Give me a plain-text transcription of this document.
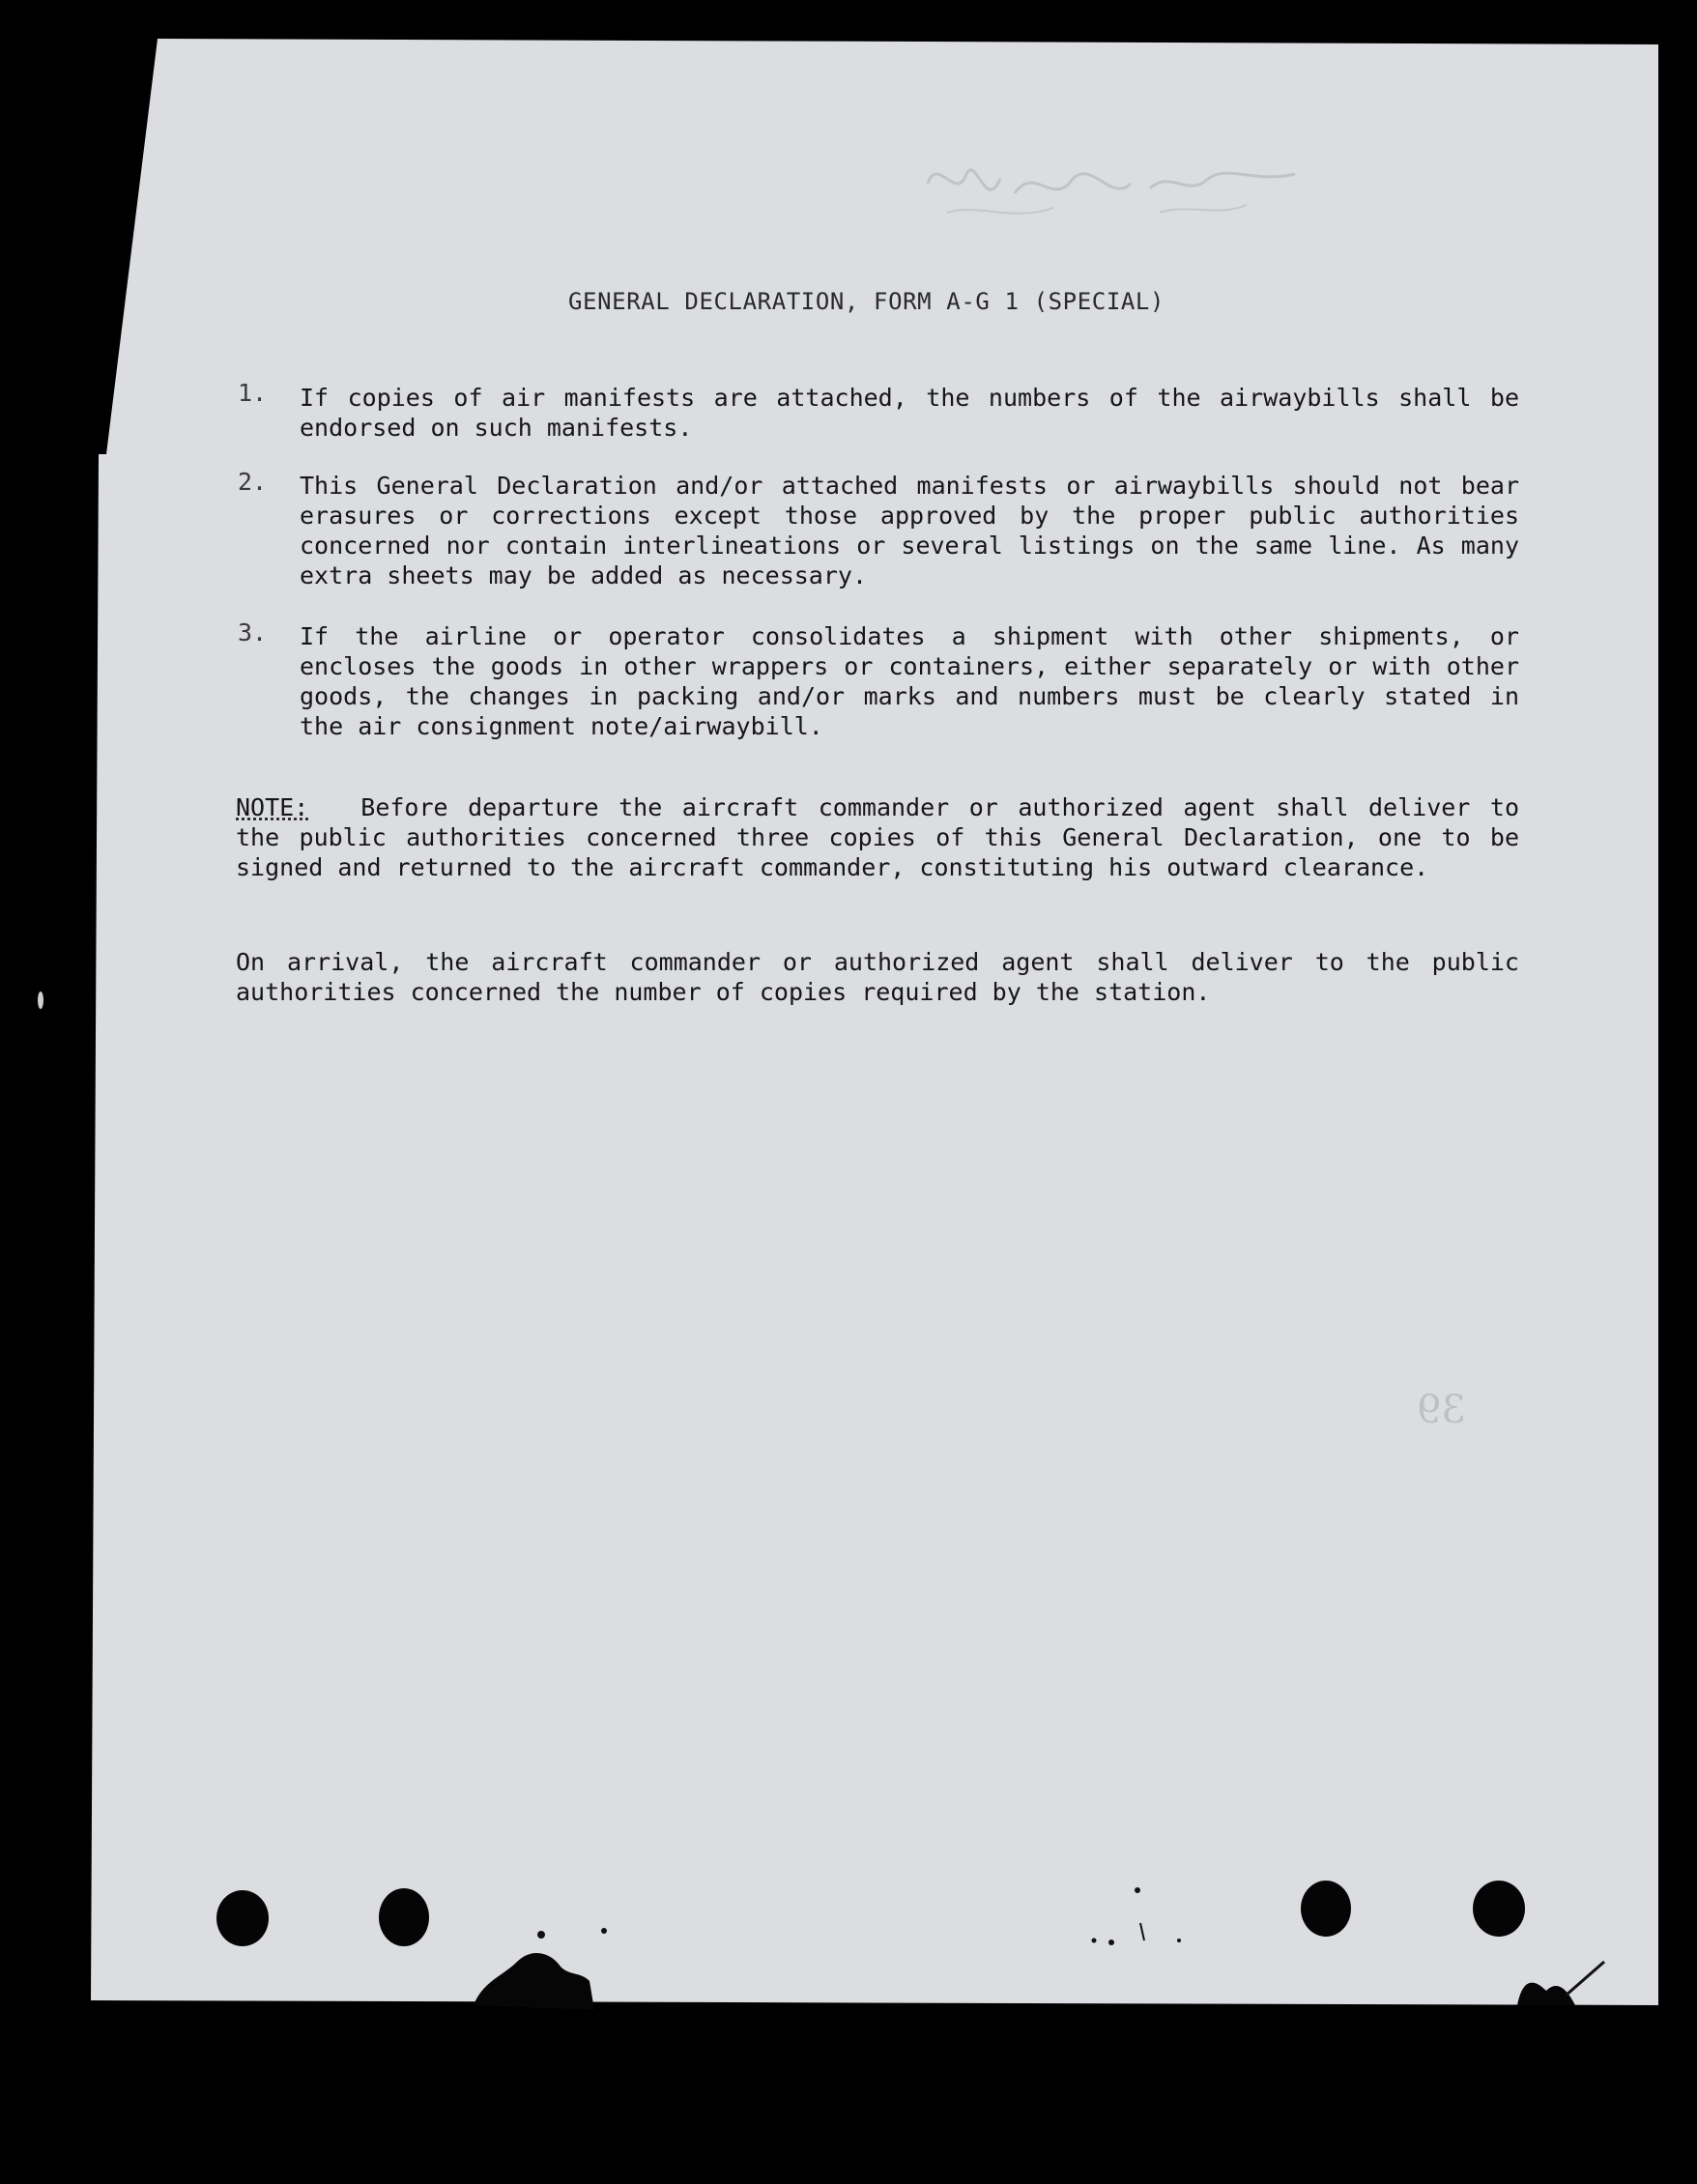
GENERAL DECLARATION, FORM A-G 1 (SPECIAL)
1. If copies of air manifests are attached, the numbers of the airwaybills shall be endorsed on such manifests.
2. This General Declaration and/or attached manifests or airwaybills should not bear erasures or corrections except those approved by the proper public authorities concerned nor contain interlineations or several listings on the same line. As many extra sheets may be added as necessary.
3. If the airline or operator consolidates a shipment with other shipments, or encloses the goods in other wrappers or containers, either separately or with other goods, the changes in packing and/or marks and numbers must be clearly stated in the air consignment note/airwaybill.
NOTE: Before departure the aircraft commander or authorized agent shall deliver to the public authorities concerned three copies of this General Declaration, one to be signed and returned to the aircraft commander, constituting his outward clearance.
On arrival, the aircraft commander or authorized agent shall deliver to the public authorities concerned the number of copies required by the station.
39
